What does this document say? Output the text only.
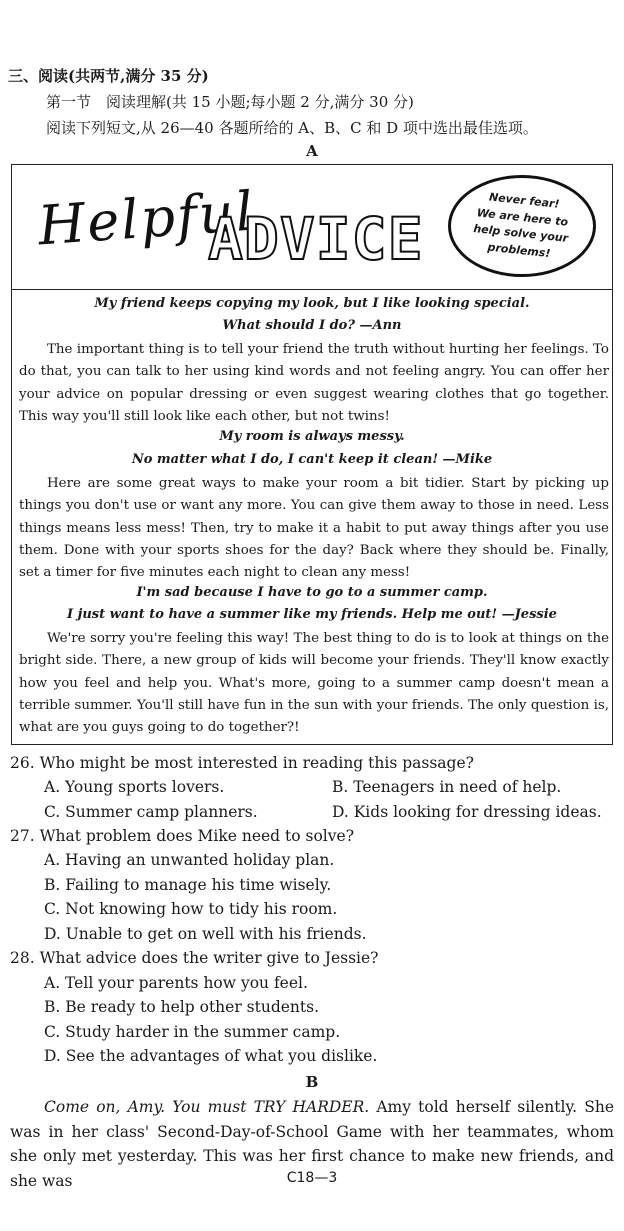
三、阅读(共两节,满分 35 分)
第一节　阅读理解(共 15 小题;每小题 2 分,满分 30 分)
阅读下列短文,从 26—40 各题所给的 A、B、C 和 D 项中选出最佳选项。
A
Helpful
ADVICE
Never fear!
We are here to
help solve your
problems!
My friend keeps copying my look, but I like looking special.
What should I do? —Ann
The important thing is to tell your friend the truth without hurting her feelings. To do that, you can talk to her using kind words and not feeling angry. You can offer her your advice on popular dressing or even suggest wearing clothes that go together. This way you'll still look like each other, but not twins!
My room is always messy.
No matter what I do, I can't keep it clean! —Mike
Here are some great ways to make your room a bit tidier. Start by picking up things you don't use or want any more. You can give them away to those in need. Less things means less mess! Then, try to make it a habit to put away things after you use them. Done with your sports shoes for the day? Back where they should be. Finally, set a timer for five minutes each night to clean any mess!
I'm sad because I have to go to a summer camp.
I just want to have a summer like my friends. Help me out! —Jessie
We're sorry you're feeling this way! The best thing to do is to look at things on the bright side. There, a new group of kids will become your friends. They'll know exactly how you feel and help you. What's more, going to a summer camp doesn't mean a terrible summer. You'll still have fun in the sun with your friends. The only question is, what are you guys going to do together?!
26. Who might be most interested in reading this passage?
A. Young sports lovers.	B. Teenagers in need of help.
C. Summer camp planners.	D. Kids looking for dressing ideas.
27. What problem does Mike need to solve?
A. Having an unwanted holiday plan.
B. Failing to manage his time wisely.
C. Not knowing how to tidy his room.
D. Unable to get on well with his friends.
28. What advice does the writer give to Jessie?
A. Tell your parents how you feel.
B. Be ready to help other students.
C. Study harder in the summer camp.
D. See the advantages of what you dislike.
B
Come on, Amy. You must TRY HARDER. Amy told herself silently. She was in her class' Second-Day-of-School Game with her teammates, whom she only met yesterday. This was her first chance to make new friends, and she was	C18—3
